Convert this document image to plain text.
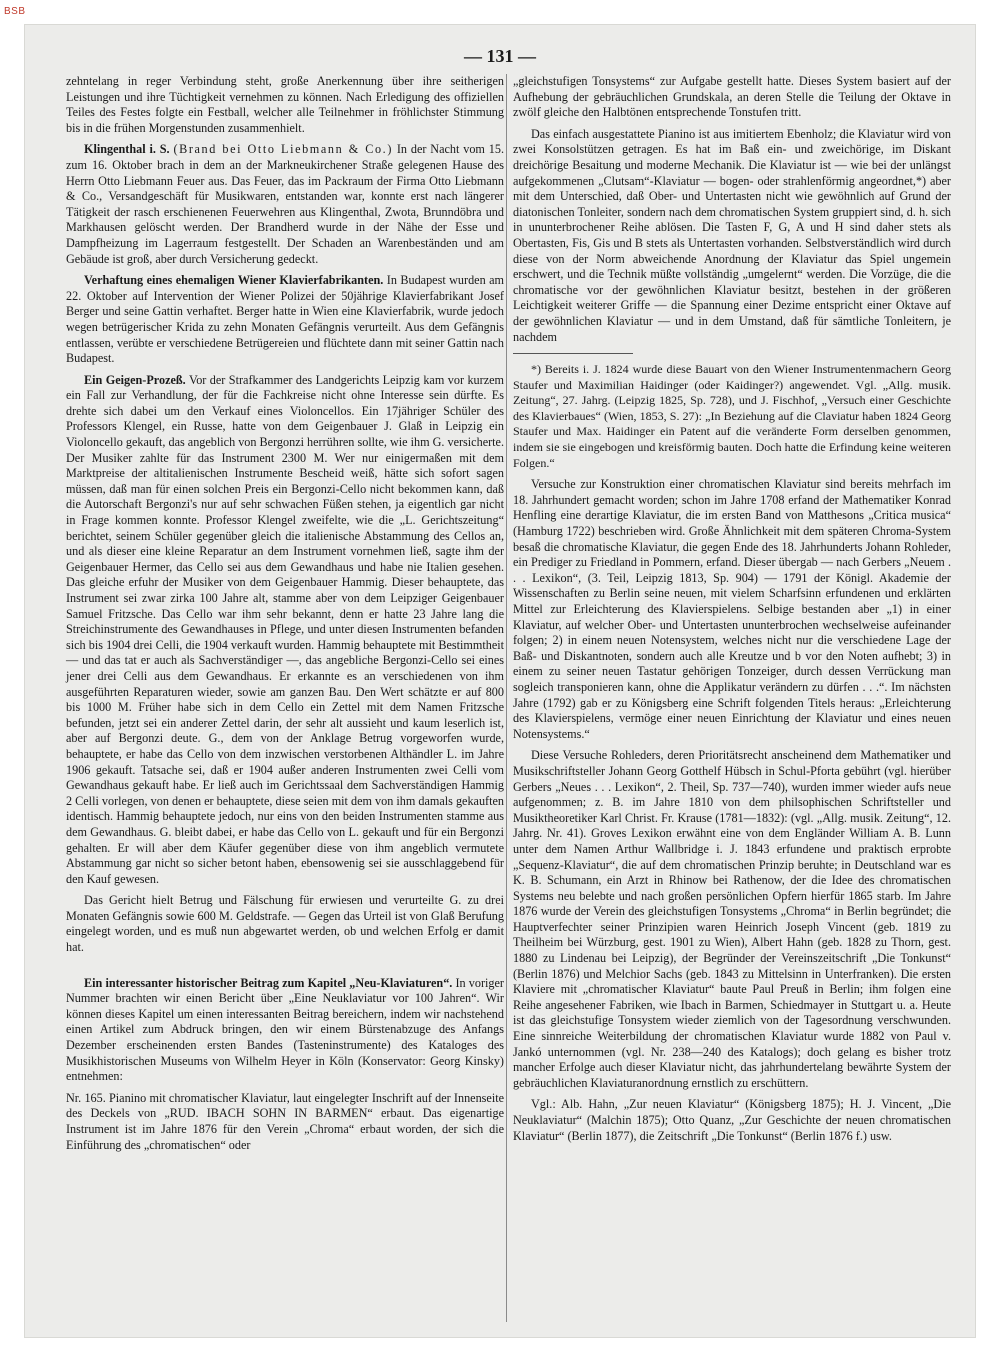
BSB
— 131 —

zehntelang in reger Verbindung steht, große Anerkennung über ihre seitherigen Leistungen und ihre Tüchtigkeit vernehmen zu können. Nach Erledigung des offiziellen Teiles des Festes folgte ein Festball, welcher alle Teilnehmer in fröhlichster Stimmung bis in die frühen Morgenstunden zusammenhielt.

Klingenthal i. S. (Brand bei Otto Liebmann & Co.) In der Nacht vom 15. zum 16. Oktober brach in dem an der Markneukirchener Straße gelegenen Hause des Herrn Otto Liebmann Feuer aus. Das Feuer, das im Packraum der Firma Otto Liebmann & Co., Versandgeschäft für Musikwaren, entstanden war, konnte erst nach längerer Tätigkeit der rasch erschienenen Feuerwehren aus Klingenthal, Zwota, Brunndöbra und Markhausen gelöscht werden. Der Brandherd wurde in der Nähe der Esse und Dampfheizung im Lagerraum festgestellt. Der Schaden an Warenbeständen und am Gebäude ist groß, aber durch Versicherung gedeckt.

Verhaftung eines ehemaligen Wiener Klavierfabrikanten. In Budapest wurden am 22. Oktober auf Intervention der Wiener Polizei der 50jährige Klavierfabrikant Josef Berger und seine Gattin verhaftet. Berger hatte in Wien eine Klavierfabrik, wurde jedoch wegen betrügerischer Krida zu zehn Monaten Gefängnis verurteilt. Aus dem Gefängnis entlassen, verübte er verschiedene Betrügereien und flüchtete dann mit seiner Gattin nach Budapest.

Ein Geigen-Prozeß. Vor der Strafkammer des Landgerichts Leipzig kam vor kurzem ein Fall zur Verhandlung, der für die Fachkreise nicht ohne Interesse sein dürfte. Es drehte sich dabei um den Verkauf eines Violoncellos. Ein 17jähriger Schüler des Professors Klengel, ein Russe, hatte von dem Geigenbauer J. Glaß in Leipzig ein Violoncello gekauft, das angeblich von Bergonzi herrühren sollte, wie ihm G. versicherte. Der Musiker zahlte für das Instrument 2300 M. Wer nur einigermaßen mit dem Marktpreise der altitalienischen Instrumente Bescheid weiß, hätte sich sofort sagen müssen, daß man für einen solchen Preis ein Bergonzi-Cello nicht bekommen kann, daß die Autorschaft Bergonzi's nur auf sehr schwachen Füßen stehen, ja eigentlich gar nicht in Frage kommen konnte. Professor Klengel zweifelte, wie die „L. Gerichtszeitung“ berichtet, seinem Schüler gegenüber gleich die italienische Abstammung des Cellos an, und als dieser eine kleine Reparatur an dem Instrument vornehmen ließ, sagte ihm der Geigenbauer Hermer, das Cello sei aus dem Gewandhaus und habe nie Italien gesehen. Das gleiche erfuhr der Musiker von dem Geigenbauer Hammig. Dieser behauptete, das Instrument sei zwar zirka 100 Jahre alt, stamme aber von dem Leipziger Geigenbauer Samuel Fritzsche. Das Cello war ihm sehr bekannt, denn er hatte 23 Jahre lang die Streichinstrumente des Gewandhauses in Pflege, und unter diesen Instrumenten befanden sich bis 1904 drei Celli, die 1904 verkauft wurden. Hammig behauptete mit Bestimmtheit — und das tat er auch als Sachverständiger —, das angebliche Bergonzi-Cello sei eines jener drei Celli aus dem Gewandhaus. Er erkannte es an verschiedenen von ihm ausgeführten Reparaturen wieder, sowie am ganzen Bau. Den Wert schätzte er auf 800 bis 1000 M. Früher habe sich in dem Cello ein Zettel mit dem Namen Fritzsche befunden, jetzt sei ein anderer Zettel darin, der sehr alt aussieht und kaum leserlich ist, aber auf Bergonzi deute. G., dem von der Anklage Betrug vorgeworfen wurde, behauptete, er habe das Cello von dem inzwischen verstorbenen Althändler L. im Jahre 1906 gekauft. Tatsache sei, daß er 1904 außer anderen Instrumenten zwei Celli vom Gewandhaus gekauft habe. Er ließ auch im Gerichtssaal dem Sachverständigen Hammig 2 Celli vorlegen, von denen er behauptete, diese seien mit dem von ihm damals gekauften identisch. Hammig behauptete jedoch, nur eins von den beiden Instrumenten stamme aus dem Gewandhaus. G. bleibt dabei, er habe das Cello von L. gekauft und für ein Bergonzi gehalten. Er will aber dem Käufer gegenüber diese von ihm angeblich vermutete Abstammung gar nicht so sicher betont haben, ebensowenig sei sie ausschlaggebend für den Kauf gewesen.

Das Gericht hielt Betrug und Fälschung für erwiesen und verurteilte G. zu drei Monaten Gefängnis sowie 600 M. Geldstrafe. — Gegen das Urteil ist von Glaß Berufung eingelegt worden, und es muß nun abgewartet werden, ob und welchen Erfolg er damit hat.

Ein interessanter historischer Beitrag zum Kapitel „Neu-Klaviaturen“. In voriger Nummer brachten wir einen Bericht über „Eine Neuklaviatur vor 100 Jahren“. Wir können dieses Kapitel um einen interessanten Beitrag bereichern, indem wir nachstehend einen Artikel zum Abdruck bringen, den wir einem Bürstenabzuge des Anfangs Dezember erscheinenden ersten Bandes (Tasteninstrumente) des Kataloges des Musikhistorischen Museums von Wilhelm Heyer in Köln (Konservator: Georg Kinsky) entnehmen:

Nr. 165. Pianino mit chromatischer Klaviatur, laut eingelegter Inschrift auf der Innenseite des Deckels von „RUD. IBACH SOHN IN BARMEN“ erbaut. Das eigenartige Instrument ist im Jahre 1876 für den Verein „Chroma“ erbaut worden, der sich die Einführung des „chromatischen“ oder

„gleichstufigen Tonsystems“ zur Aufgabe gestellt hatte. Dieses System basiert auf der Aufhebung der gebräuchlichen Grundskala, an deren Stelle die Teilung der Oktave in zwölf gleiche den Halbtönen entsprechende Tonstufen tritt.

Das einfach ausgestattete Pianino ist aus imitiertem Ebenholz; die Klaviatur wird von zwei Konsolstützen getragen. Es hat im Baß ein- und zweichörige, im Diskant dreichörige Besaitung und moderne Mechanik. Die Klaviatur ist — wie bei der unlängst aufgekommenen „Clutsam“-Klaviatur — bogen- oder strahlenförmig angeordnet,*) aber mit dem Unterschied, daß Ober- und Untertasten nicht wie gewöhnlich auf Grund der diatonischen Tonleiter, sondern nach dem chromatischen System gruppiert sind, d. h. sich in ununterbrochener Reihe ablösen. Die Tasten F, G, A und H sind daher stets als Obertasten, Fis, Gis und B stets als Untertasten vorhanden. Selbstverständlich wird durch diese von der Norm abweichende Anordnung der Klaviatur das Spiel ungemein erschwert, und die Technik müßte vollständig „umgelernt“ werden. Die Vorzüge, die die chromatische vor der gewöhnlichen Klaviatur besitzt, bestehen in der größeren Leichtigkeit weiterer Griffe — die Spannung einer Dezime entspricht einer Oktave auf der gewöhnlichen Klaviatur — und in dem Umstand, daß für sämtliche Tonleitern, je nachdem

*) Bereits i. J. 1824 wurde diese Bauart von den Wiener Instrumentenmachern Georg Staufer und Maximilian Haidinger (oder Kaidinger?) angewendet. Vgl. „Allg. musik. Zeitung“, 27. Jahrg. (Leipzig 1825, Sp. 728), und J. Fischhof, „Versuch einer Geschichte des Klavierbaues“ (Wien, 1853, S. 27): „In Beziehung auf die Claviatur haben 1824 Georg Staufer und Max. Haidinger ein Patent auf die veränderte Form derselben genommen, indem sie sie eingebogen und kreisförmig bauten. Doch hatte die Erfindung keine weiteren Folgen.“

Versuche zur Konstruktion einer chromatischen Klaviatur sind bereits mehrfach im 18. Jahrhundert gemacht worden; schon im Jahre 1708 erfand der Mathematiker Konrad Henfling eine derartige Klaviatur, die im ersten Band von Matthesons „Critica musica“ (Hamburg 1722) beschrieben wird. Große Ähnlichkeit mit dem späteren Chroma-System besaß die chromatische Klaviatur, die gegen Ende des 18. Jahrhunderts Johann Rohleder, ein Prediger zu Friedland in Pommern, erfand. Dieser übergab — nach Gerbers „Neuem . . . Lexikon“, (3. Teil, Leipzig 1813, Sp. 904) — 1791 der Königl. Akademie der Wissenschaften zu Berlin seine neuen, mit vielem Scharfsinn erfundenen und erklärten Mittel zur Erleichterung des Klavierspielens. Selbige bestanden aber „1) in einer Klaviatur, auf welcher Ober- und Untertasten ununterbrochen wechselweise aufeinander folgen; 2) in einem neuen Notensystem, welches nicht nur die verschiedene Lage der Baß- und Diskantnoten, sondern auch alle Kreutze und b vor den Noten aufhebt; 3) in einem zu seiner neuen Tastatur gehörigen Tonzeiger, durch dessen Verrückung man sogleich transponieren kann, ohne die Applikatur verändern zu dürfen . . .“. Im nächsten Jahre (1792) gab er zu Königsberg eine Schrift folgenden Titels heraus: „Erleichterung des Klavierspielens, vermöge einer neuen Einrichtung der Klaviatur und eines neuen Notensystems.“

Diese Versuche Rohleders, deren Prioritätsrecht anscheinend dem Mathematiker und Musikschriftsteller Johann Georg Gotthelf Hübsch in Schul-Pforta gebührt (vgl. hierüber Gerbers „Neues . . . Lexikon“, 2. Theil, Sp. 737—740), wurden immer wieder aufs neue aufgenommen; z. B. im Jahre 1810 von dem philsophischen Schriftsteller und Musiktheoretiker Karl Christ. Fr. Krause (1781—1832): (vgl. „Allg. musik. Zeitung“, 12. Jahrg. Nr. 41). Groves Lexikon erwähnt eine von dem Engländer William A. B. Lunn unter dem Namen Arthur Wallbridge i. J. 1843 erfundene und praktisch erprobte „Sequenz-Klaviatur“, die auf dem chromatischen Prinzip beruhte; in Deutschland war es K. B. Schumann, ein Arzt in Rhinow bei Rathenow, der die Idee des chromatischen Systems neu belebte und nach großen persönlichen Opfern hierfür 1865 starb. Im Jahre 1876 wurde der Verein des gleichstufigen Tonsystems „Chroma“ in Berlin begründet; die Hauptverfechter seiner Prinzipien waren Heinrich Joseph Vincent (geb. 1819 zu Theilheim bei Würzburg, gest. 1901 zu Wien), Albert Hahn (geb. 1828 zu Thorn, gest. 1880 zu Lindenau bei Leipzig), der Begründer der Vereinszeitschrift „Die Tonkunst“ (Berlin 1876) und Melchior Sachs (geb. 1843 zu Mittelsinn in Unterfranken). Die ersten Klaviere mit „chromatischer Klaviatur“ baute Paul Preuß in Berlin; ihm folgen eine Reihe angesehener Fabriken, wie Ibach in Barmen, Schiedmayer in Stuttgart u. a. Heute ist das gleichstufige Tonsystem wieder ziemlich von der Tagesordnung verschwunden. Eine sinnreiche Weiterbildung der chromatischen Klaviatur wurde 1882 von Paul v. Jankó unternommen (vgl. Nr. 238—240 des Katalogs); doch gelang es bisher trotz mancher Erfolge auch dieser Klaviatur nicht, das jahrhundertelang bewährte System der gebräuchlichen Klaviaturanordnung ernstlich zu erschüttern.

Vgl.: Alb. Hahn, „Zur neuen Klaviatur“ (Königsberg 1875); H. J. Vincent, „Die Neuklaviatur“ (Malchin 1875); Otto Quanz, „Zur Geschichte der neuen chromatischen Klaviatur“ (Berlin 1877), die Zeitschrift „Die Tonkunst“ (Berlin 1876 f.) usw.
